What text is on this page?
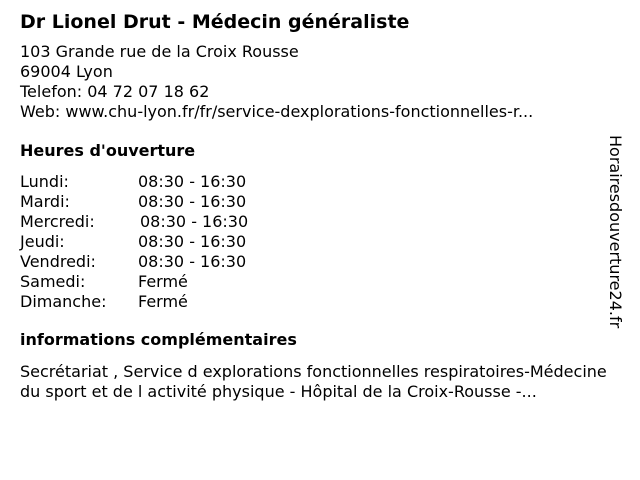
Dr Lionel Drut - Médecin généraliste
103 Grande rue de la Croix Rousse
69004 Lyon
Telefon: 04 72 07 18 62
Web: www.chu-lyon.fr/fr/service-dexplorations-fonctionnelles-r...
Heures d'ouverture
Lundi:	08:30 - 16:30
Mardi:	08:30 - 16:30
Mercredi:	08:30 - 16:30
Jeudi:	08:30 - 16:30
Vendredi:	08:30 - 16:30
Samedi:	Fermé
Dimanche:	Fermé
informations complémentaires
Secrétariat , Service d explorations fonctionnelles respiratoires-Médecine du sport et de l activité physique - Hôpital de la Croix-Rousse -...
Horairesdouverture24.fr
